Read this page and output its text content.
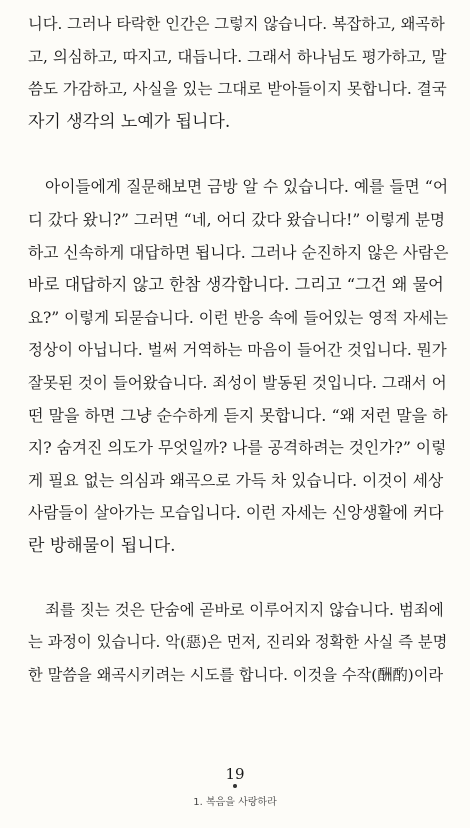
니다. 그러나 타락한 인간은 그렇지 않습니다. 복잡하고, 왜곡하
고, 의심하고, 따지고, 대듭니다. 그래서 하나님도 평가하고, 말
씀도 가감하고, 사실을 있는 그대로 받아들이지 못합니다. 결국
자기 생각의 노예가 됩니다.
아이들에게 질문해보면 금방 알 수 있습니다. 예를 들면 “어
디 갔다 왔니?” 그러면 “네, 어디 갔다 왔습니다!” 이렇게 분명
하고 신속하게 대답하면 됩니다. 그러나 순진하지 않은 사람은
바로 대답하지 않고 한참 생각합니다. 그리고 “그건 왜 물어
요?” 이렇게 되묻습니다. 이런 반응 속에 들어있는 영적 자세는
정상이 아닙니다. 벌써 거역하는 마음이 들어간 것입니다. 뭔가
잘못된 것이 들어왔습니다. 죄성이 발동된 것입니다. 그래서 어
떤 말을 하면 그냥 순수하게 듣지 못합니다. “왜 저런 말을 하
지? 숨겨진 의도가 무엇일까? 나를 공격하려는 것인가?” 이렇
게 필요 없는 의심과 왜곡으로 가득 차 있습니다. 이것이 세상
사람들이 살아가는 모습입니다. 이런 자세는 신앙생활에 커다
란 방해물이 됩니다.
죄를 짓는 것은 단숨에 곧바로 이루어지지 않습니다. 범죄에
는 과정이 있습니다. 악(惡)은 먼저, 진리와 정확한 사실 즉 분명
한 말씀을 왜곡시키려는 시도를 합니다. 이것을 수작(酬酌)이라
19
1. 복음을 사랑하라
